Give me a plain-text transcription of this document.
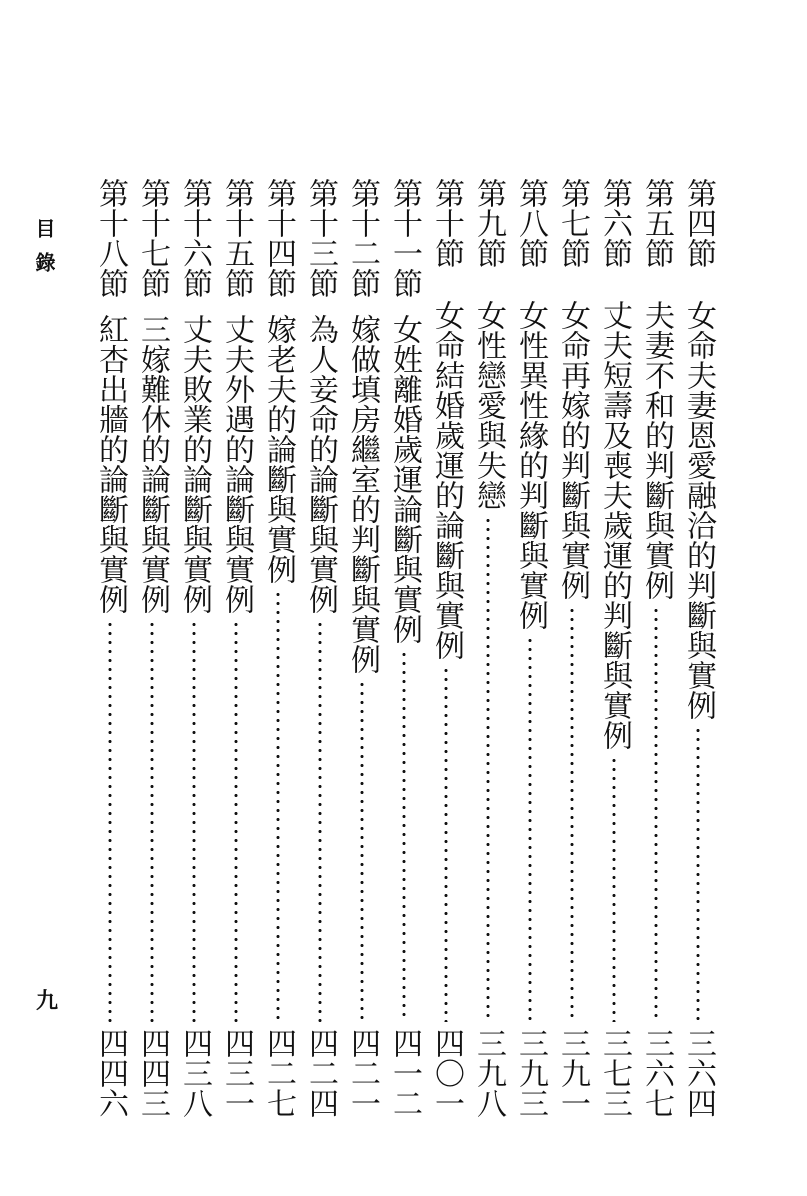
目錄
九
第四節
女命夫妻恩愛融洽的判斷與實例
三六四
第五節
夫妻不和的判斷與實例
三六七
第六節
丈夫短壽及喪夫歲運的判斷與實例
三七三
第七節
女命再嫁的判斷與實例
三九一
第八節
女性異性緣的判斷與實例
三九三
第九節
女性戀愛與失戀
三九八
第十節
女命結婚歲運的論斷與實例
四〇一
第十一節
女姓離婚歲運論斷與實例
四一二
第十二節
嫁做填房繼室的判斷與實例
四二一
第十三節
為人妾命的論斷與實例
四二四
第十四節
嫁老夫的論斷與實例
四二七
第十五節
丈夫外遇的論斷與實例
四三一
第十六節
丈夫敗業的論斷與實例
四三八
第十七節
三嫁難休的論斷與實例
四四三
第十八節
紅杏出牆的論斷與實例
四四六
